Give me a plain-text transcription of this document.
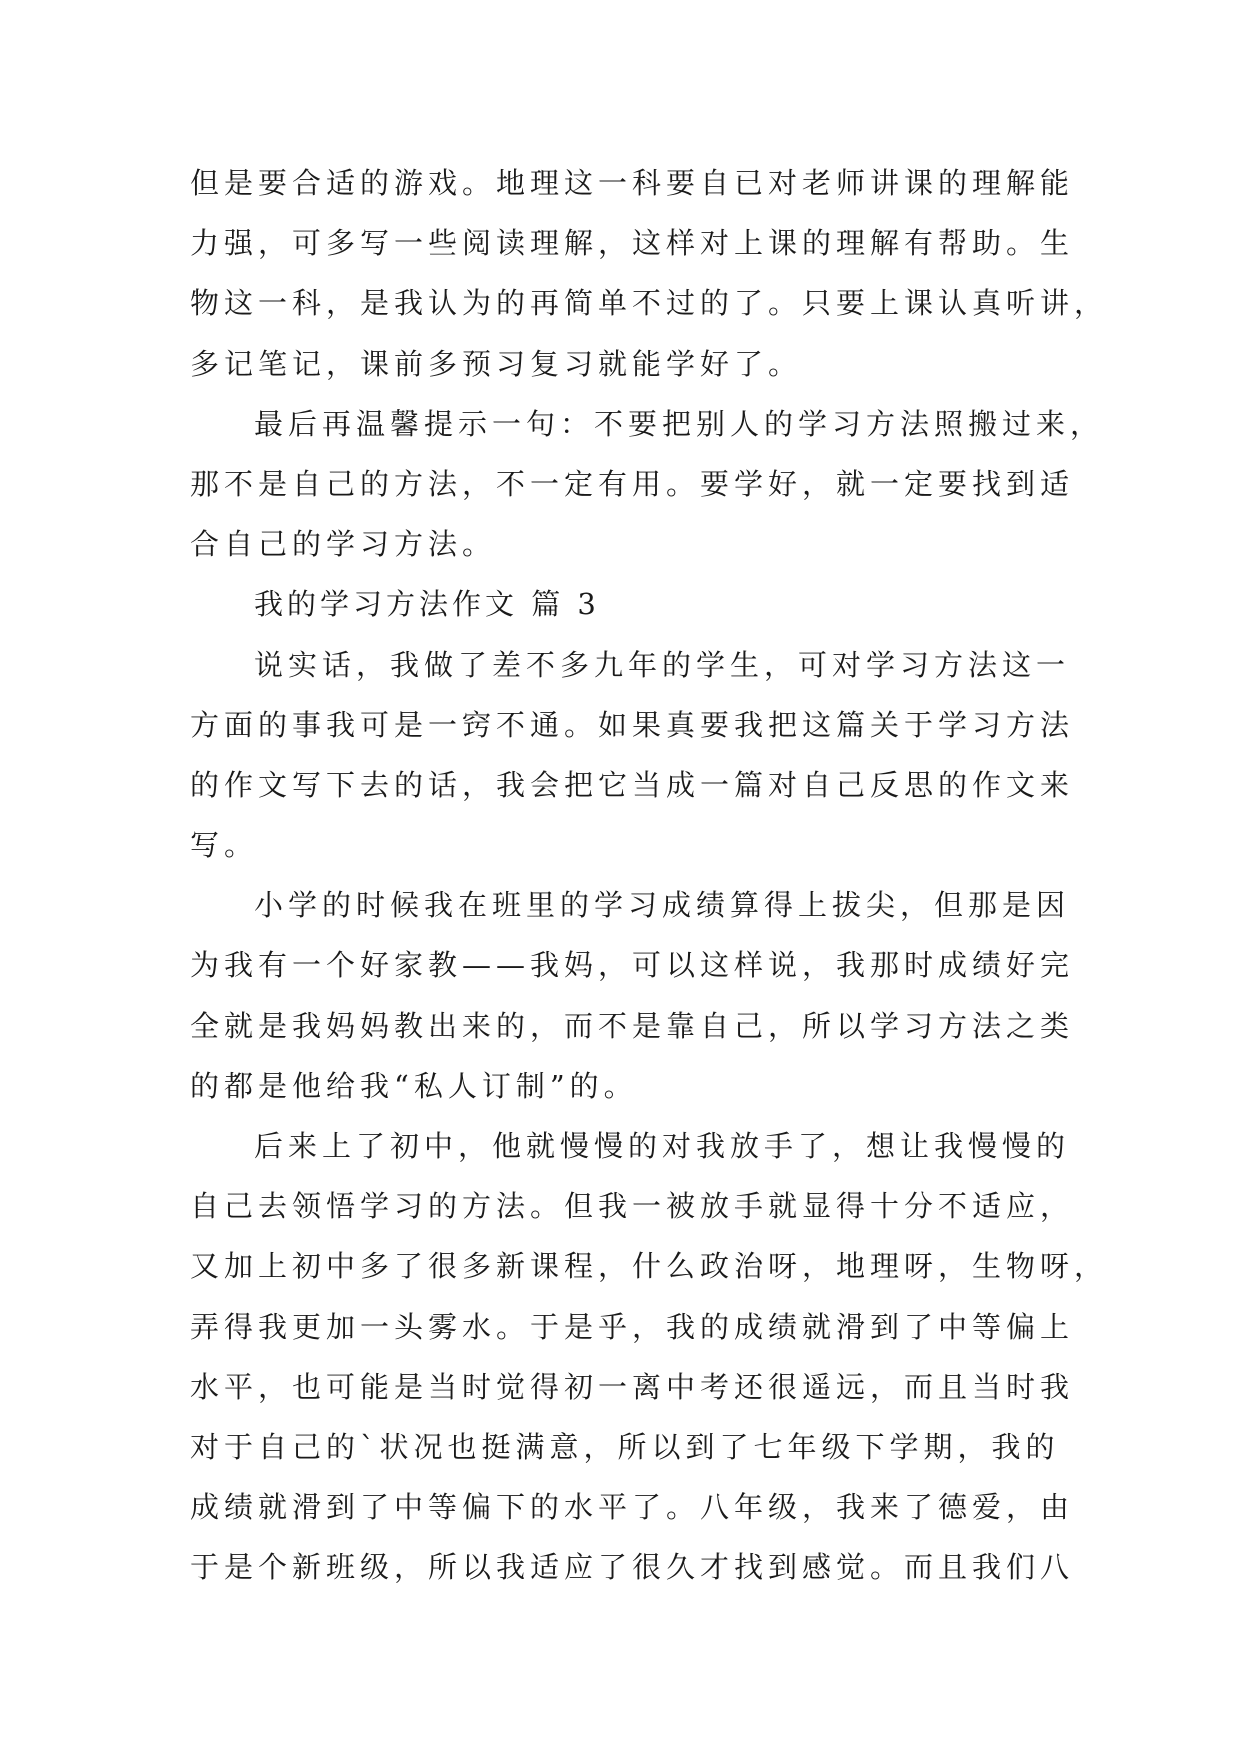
但是要合适的游戏。地理这一科要自已对老师讲课的理解能
力强，可多写一些阅读理解，这样对上课的理解有帮助。生
物这一科，是我认为的再简单不过的了。只要上课认真听讲，
多记笔记，课前多预习复习就能学好了。
最后再温馨提示一句：不要把别人的学习方法照搬过来，
那不是自己的方法，不一定有用。要学好，就一定要找到适
合自己的学习方法。
我的学习方法作文 篇 3
说实话，我做了差不多九年的学生，可对学习方法这一
方面的事我可是一窍不通。如果真要我把这篇关于学习方法
的作文写下去的话，我会把它当成一篇对自己反思的作文来
写。
小学的时候我在班里的学习成绩算得上拔尖，但那是因
为我有一个好家教——我妈，可以这样说，我那时成绩好完
全就是我妈妈教出来的，而不是靠自己，所以学习方法之类
的都是他给我“私人订制”的。
后来上了初中，他就慢慢的对我放手了，想让我慢慢的
自己去领悟学习的方法。但我一被放手就显得十分不适应，
又加上初中多了很多新课程，什么政治呀，地理呀，生物呀，
弄得我更加一头雾水。于是乎，我的成绩就滑到了中等偏上
水平，也可能是当时觉得初一离中考还很遥远，而且当时我
对于自己的`状况也挺满意，所以到了七年级下学期，我的
成绩就滑到了中等偏下的水平了。八年级，我来了德爱，由
于是个新班级，所以我适应了很久才找到感觉。而且我们八
